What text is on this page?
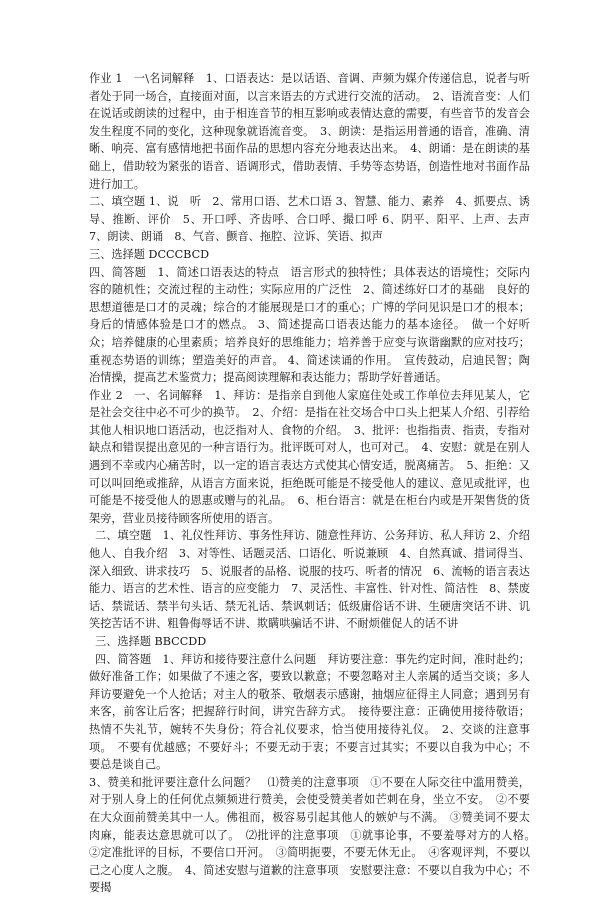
作业 1　一\名词解释　1、口语表达：是以话语、音调、声频为媒介传递信息，说者与听者处于同一场合，直接面对面，以言来语去的方式进行交流的活动。　2、语流音变：人们在说话或朗读的过程中，由于相连音节的相互影响或表情达意的需要，有些音节的发音会发生程度不同的变化，这种现象就语流音变。　3、朗读：是指运用普通的语音，准确、清晰、响亮、富有感情地把书面作品的思想内容充分地表达出来。　4、朗诵：是在朗读的基础上，借助较为紧张的语音、语调形式，借助表情、手势等态势语，创造性地对书面作品进行加工。

二、填空题 1、说　听　2、常用口语、艺术口语 3、智慧、能力、素养　4、抓要点、诱导、推断、评价　5、开口呼、齐齿呼、合口呼、撮口呼 6、阴平、阳平、上声、去声 7、朗读、朗诵　8、气音、颤音、拖腔、泣诉、笑语、拟声

三、选择题 DCCCBCD

四、简答题　1、简述口语表达的特点　语言形式的独特性；具体表达的语境性；交际内容的随机性；交流过程的主动性；实际应用的广泛性　2、简述练好口才的基础　良好的思想道德是口才的灵魂；综合的才能展现是口才的重心；广博的学问见识是口才的根本；身后的情感体验是口才的燃点。 3、简述提高口语表达能力的基本途径。　做一个好听众；培养健康的心里素质；培养良好的思维能力；培养善于应变与诙谐幽默的应对技巧；重视态势语的训练；塑造美好的声音。 4、简述读诵的作用。　宣传鼓动，启迪民智；陶冶情操，提高艺术鉴赏力；提高阅读理解和表达能力；帮助学好普通话。

作业 2　一、名词解释　1、拜访：是指亲自到他人家庭住处或工作单位去拜见某人，它是社会交往中必不可少的换节。　2、介绍：是指在社交场合中口头上把某人介绍、引荐给其他人相识地口语活动，也泛指对人、食物的介绍。　3、批评：也指指责、指责，专指对缺点和错误提出意见的一种言语行为。批评既可对人，也可对己。　4、安慰：就是在别人遇到不幸或内心痛苦时，以一定的语言表达方式使其心情安适，脱离痛苦。　5、拒绝：又可以叫回绝或推辞，从语言方面来说，拒绝既可能是不接受他人的建议、意见或批评，也可能是不接受他人的恩惠或赠与的礼品。　6、柜台语言：就是在柜台内或是开架售货的货架旁，营业员接待顾客所使用的语言。

二、填空题　1、礼仪性拜访、事务性拜访、随意性拜访、公务拜访、私人拜访 2、介绍他人、自我介绍　3、对等性、话题灵活、口语化、听说兼顾　4、自然真诚、措词得当、深入细致、讲求技巧　5、说服者的品格、说服的技巧、听者的情况　6、流畅的语言表达能力、语言的艺术性、语言的应变能力　7、灵活性、丰富性、针对性、简洁性　8、禁废话、禁谎话、禁半句头话、禁无礼话、禁讽刺话；低级庸俗话不讲、生硬唐突话不讲、讥笑挖苦话不讲、粗鲁侮辱话不讲、欺瞒哄骗话不讲、不耐烦催促人的话不讲

三、选择题 BBCCDD

四、简答题　1、拜访和接待要注意什么问题　拜访要注意：事先约定时间，准时赴约；做好准备工作；如果做了不速之客，要致以歉意；不要忽略对主人亲属的适当交谈；多人拜访要避免一个人抢话；对主人的敬茶、敬烟表示感谢，抽烟应征得主人同意；遇到另有来客，前客让后客；把握辞行时间，讲究告辞方式。　接待要注意：正确使用接待敬语；热情不失礼节，婉转不失身份；符合礼仪要求，恰当使用接待礼仪。　2、交谈的注意事项。　不要有优越感；不要好斗；不要无动于衷；不要言过其实；不要以自我为中心；不要总是谈自己。

3、赞美和批评要注意什么问题？　⑴赞美的注意事项　①不要在人际交往中滥用赞美，对于别人身上的任何优点频频进行赞美，会使受赞美者如芒刺在身，坐立不安。　②不要在大众面前赞美其中一人。佛祖而，极容易引起其他人的嫉妒与不满。　③赞美词不要太肉麻，能表达意思就可以了。　⑵批评的注意事项　①就事论事，不要羞辱对方的人格。　②定准批评的目标，不要信口开河。　③简明扼要，不要无休无止。　④客观评判，不要以己之心度人之腹。　4、简述安慰与道歉的注意事项　安慰要注意：不要以自我为中心；不要揭
